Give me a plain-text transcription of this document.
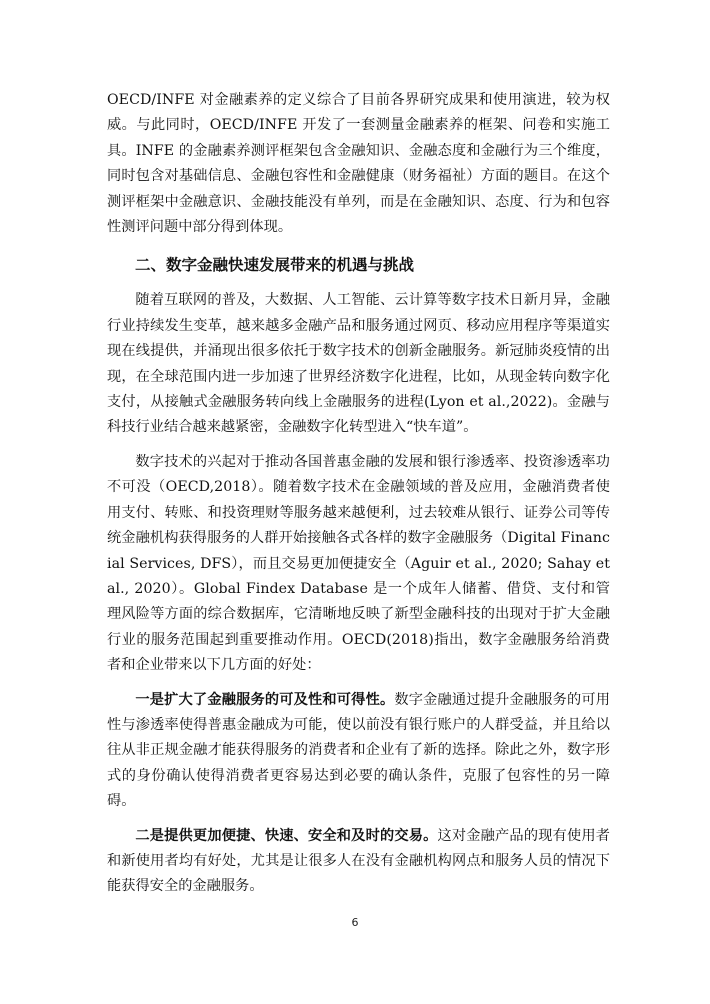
OECD/INFE 对金融素养的定义综合了目前各界研究成果和使用演进，较为权威。与此同时，OECD/INFE 开发了一套测量金融素养的框架、问卷和实施工具。INFE 的金融素养测评框架包含金融知识、金融态度和金融行为三个维度，同时包含对基础信息、金融包容性和金融健康（财务福祉）方面的题目。在这个测评框架中金融意识、金融技能没有单列，而是在金融知识、态度、行为和包容性测评问题中部分得到体现。

二、数字金融快速发展带来的机遇与挑战

随着互联网的普及，大数据、人工智能、云计算等数字技术日新月异，金融行业持续发生变革，越来越多金融产品和服务通过网页、移动应用程序等渠道实现在线提供，并涌现出很多依托于数字技术的创新金融服务。新冠肺炎疫情的出现，在全球范围内进一步加速了世界经济数字化进程，比如，从现金转向数字化支付，从接触式金融服务转向线上金融服务的进程(Lyon et al.,2022)。金融与科技行业结合越来越紧密，金融数字化转型进入“快车道”。

数字技术的兴起对于推动各国普惠金融的发展和银行渗透率、投资渗透率功不可没（OECD,2018）。随着数字技术在金融领域的普及应用，金融消费者使用支付、转账、和投资理财等服务越来越便利，过去较难从银行、证券公司等传统金融机构获得服务的人群开始接触各式各样的数字金融服务（Digital Financial Services, DFS），而且交易更加便捷安全（Aguir et al., 2020; Sahay et al., 2020）。Global Findex Database 是一个成年人储蓄、借贷、支付和管理风险等方面的综合数据库，它清晰地反映了新型金融科技的出现对于扩大金融行业的服务范围起到重要推动作用。OECD(2018)指出，数字金融服务给消费者和企业带来以下几方面的好处：

一是扩大了金融服务的可及性和可得性。数字金融通过提升金融服务的可用性与渗透率使得普惠金融成为可能，使以前没有银行账户的人群受益，并且给以往从非正规金融才能获得服务的消费者和企业有了新的选择。除此之外，数字形式的身份确认使得消费者更容易达到必要的确认条件，克服了包容性的另一障碍。

二是提供更加便捷、快速、安全和及时的交易。这对金融产品的现有使用者和新使用者均有好处，尤其是让很多人在没有金融机构网点和服务人员的情况下能获得安全的金融服务。

6
